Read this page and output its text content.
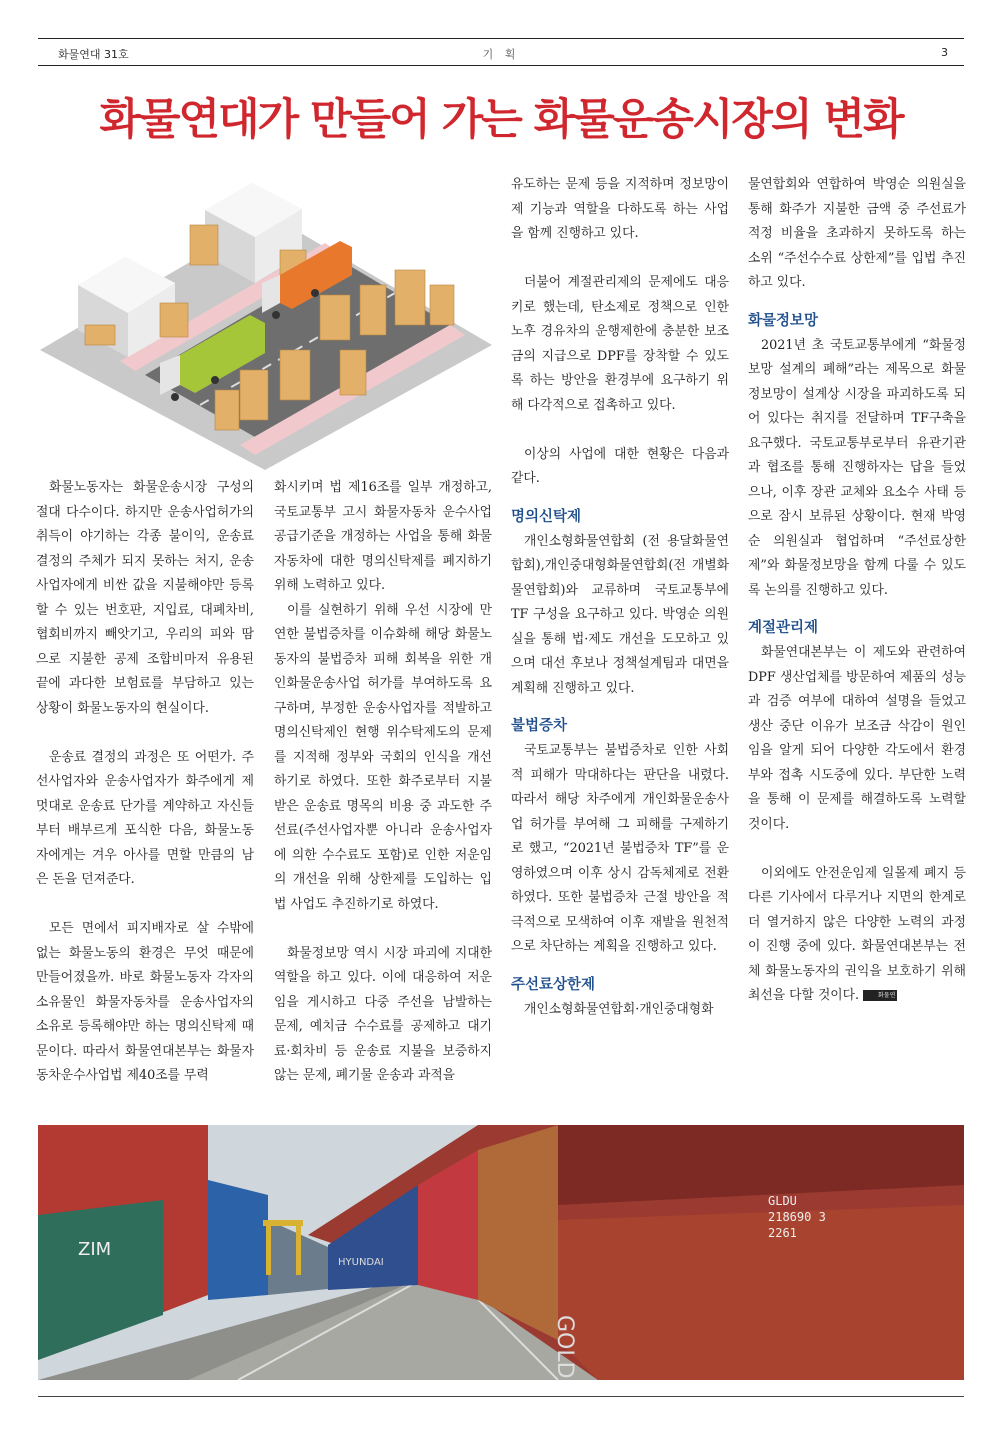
화물연대 31호	기 획	3
화물연대가 만들어 가는 화물운송시장의 변화

화물노동자는 화물운송시장 구성의 절대 다수이다. 하지만 운송사업허가의 취득이 야기하는 각종 불이익, 운송료 결정의 주체가 되지 못하는 처지, 운송사업자에게 비싼 값을 지불해야만 등록할 수 있는 번호판, 지입료, 대폐차비, 협회비까지 빼앗기고, 우리의 피와 땀으로 지불한 공제 조합비마저 유용된 끝에 과다한 보험료를 부담하고 있는 상황이 화물노동자의 현실이다.

운송료 결정의 과정은 또 어떤가. 주선사업자와 운송사업자가 화주에게 제멋대로 운송료 단가를 계약하고 자신들부터 배부르게 포식한 다음, 화물노동자에게는 겨우 아사를 면할 만큼의 남은 돈을 던져준다.

모든 면에서 피지배자로 살 수밖에 없는 화물노동의 환경은 무엇 때문에 만들어졌을까. 바로 화물노동자 각자의 소유물인 화물자동차를 운송사업자의 소유로 등록해야만 하는 명의신탁제 때문이다. 따라서 화물연대본부는 화물자동차운수사업법 제40조를 무력

화시키며 법 제16조를 일부 개정하고, 국토교통부 고시 화물자동차 운수사업 공급기준을 개정하는 사업을 통해 화물자동차에 대한 명의신탁제를 폐지하기 위해 노력하고 있다.

이를 실현하기 위해 우선 시장에 만연한 불법증차를 이슈화해 해당 화물노동자의 불법증차 피해 회복을 위한 개인화물운송사업 허가를 부여하도록 요구하며, 부정한 운송사업자를 적발하고 명의신탁제인 현행 위수탁제도의 문제를 지적해 정부와 국회의 인식을 개선하기로 하였다. 또한 화주로부터 지불받은 운송료 명목의 비용 중 과도한 주선료(주선사업자뿐 아니라 운송사업자에 의한 수수료도 포함)로 인한 저운임의 개선을 위해 상한제를 도입하는 입법 사업도 추진하기로 하였다.

화물정보망 역시 시장 파괴에 지대한 역할을 하고 있다. 이에 대응하여 저운임을 게시하고 다중 주선을 남발하는 문제, 예치금 수수료를 공제하고 대기료·회차비 등 운송료 지불을 보증하지 않는 문제, 폐기물 운송과 과적을

유도하는 문제 등을 지적하며 정보망이 제 기능과 역할을 다하도록 하는 사업을 함께 진행하고 있다.

더불어 계절관리제의 문제에도 대응키로 했는데, 탄소제로 정책으로 인한 노후 경유차의 운행제한에 충분한 보조금의 지급으로 DPF를 장착할 수 있도록 하는 방안을 환경부에 요구하기 위해 다각적으로 접촉하고 있다.

이상의 사업에 대한 현황은 다음과 같다.

명의신탁제

개인소형화물연합회 (전 용달화물연합회),개인중대형화물연합회(전 개별화물연합회)와 교류하며 국토교통부에 TF 구성을 요구하고 있다. 박영순 의원실을 통해 법·제도 개선을 도모하고 있으며 대선 후보나 정책설계팀과 대면을 계획해 진행하고 있다.

불법증차

국토교통부는 불법증차로 인한 사회적 피해가 막대하다는 판단을 내렸다. 따라서 해당 차주에게 개인화물운송사업 허가를 부여해 그 피해를 구제하기로 했고, “2021년 불법증차 TF”를 운영하였으며 이후 상시 감독체제로 전환하였다. 또한 불법증차 근절 방안을 적극적으로 모색하여 이후 재발을 원천적으로 차단하는 계획을 진행하고 있다.

주선료상한제

개인소형화물연합회·개인중대형화

물연합회와 연합하여 박영순 의원실을 통해 화주가 지불한 금액 중 주선료가 적정 비율을 초과하지 못하도록 하는 소위 “주선수수료 상한제”를 입법 추진하고 있다.

화물정보망

2021년 초 국토교통부에게 “화물정보망 설계의 폐해”라는 제목으로 화물정보망이 설계상 시장을 파괴하도록 되어 있다는 취지를 전달하며 TF구축을 요구했다. 국토교통부로부터 유관기관과 협조를 통해 진행하자는 답을 들었으나, 이후 장관 교체와 요소수 사태 등으로 잠시 보류된 상황이다. 현재 박영순 의원실과 협업하며 “주선료상한제”와 화물정보망을 함께 다룰 수 있도록 논의를 진행하고 있다.

계절관리제

화물연대본부는 이 제도와 관련하여 DPF 생산업체를 방문하여 제품의 성능과 검증 여부에 대하여 설명을 들었고 생산 중단 이유가 보조금 삭감이 원인임을 알게 되어 다양한 각도에서 환경부와 접촉 시도중에 있다. 부단한 노력을 통해 이 문제를 해결하도록 노력할 것이다.

이외에도 안전운임제 일몰제 폐지 등 다른 기사에서 다루거나 지면의 한계로 더 열거하지 않은 다양한 노력의 과정이 진행 중에 있다. 화물연대본부는 전체 화물노동자의 권익을 보호하기 위해 최선을 다할 것이다.	화물연대

ZIM
GLDU
218690 3
2261
GOLD
HYUNDAI
